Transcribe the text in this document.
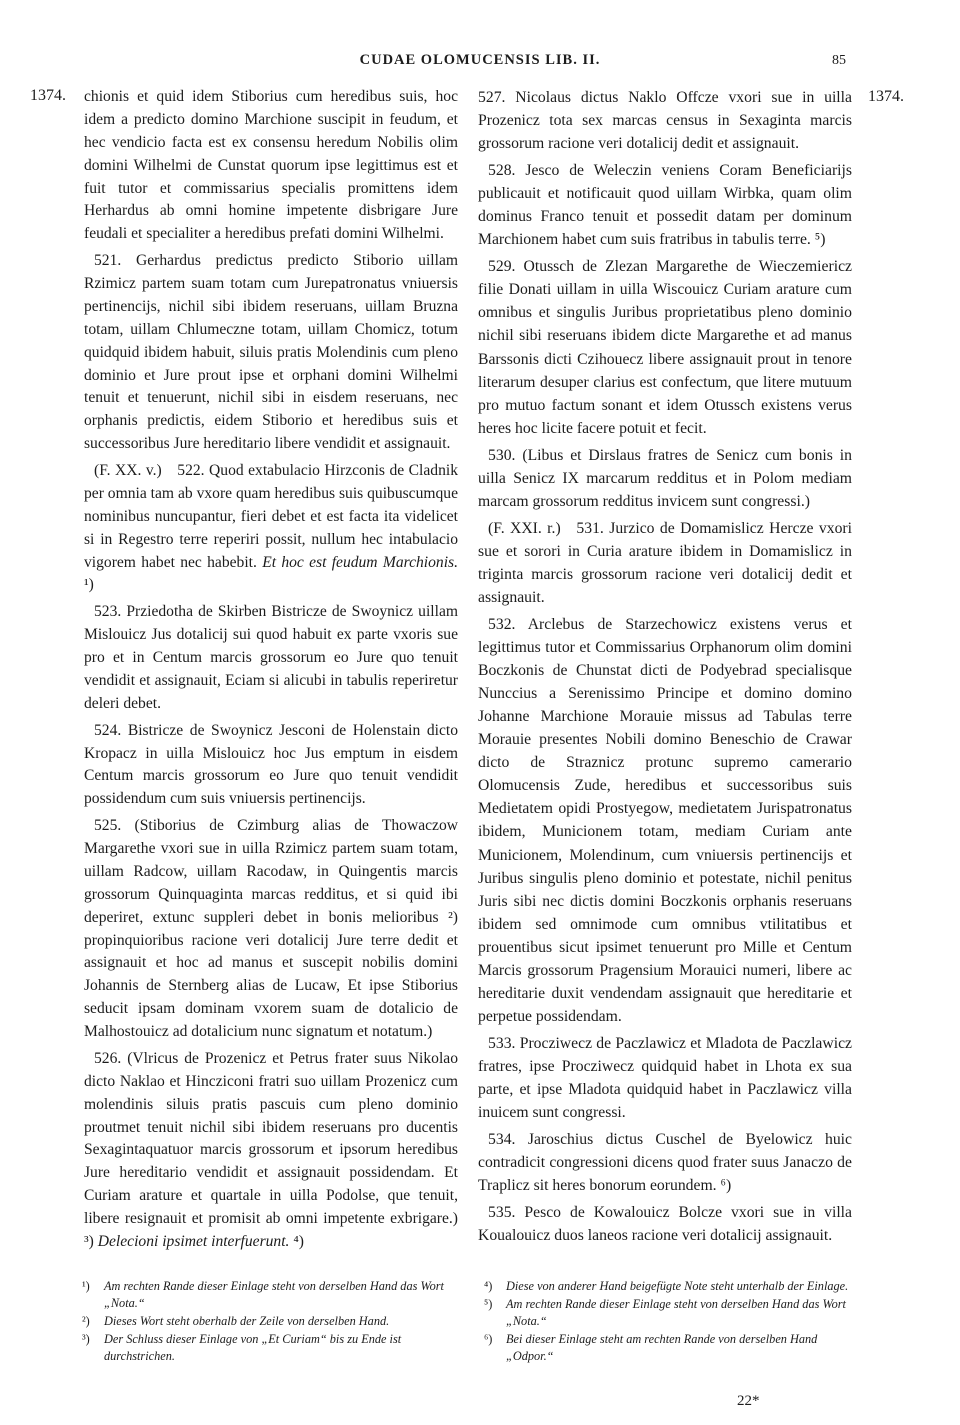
CUDAE OLOMUCENSIS LIB. II.	85
1374.	1374.

chionis et quid idem Stiborius cum heredibus suis, hoc idem a predicto domino Marchione suscipit in feudum, et hec vendicio facta est ex consensu heredum Nobilis olim domini Wilhelmi de Cunstat quorum ipse legittimus est et fuit tutor et commissarius specialis promittens idem Herhardus ab omni homine impetente disbrigare Jure feudali et specialiter a heredibus prefati domini Wilhelmi.

521. Gerhardus predictus predicto Stiborio uillam Rzimicz partem suam totam cum Jurepatronatus vniuersis pertinencijs, nichil sibi ibidem reseruans, uillam Bruzna totam, uillam Chlumeczne totam, uillam Chomicz, totum quidquid ibidem habuit, siluis pratis Molendinis cum pleno dominio et Jure prout ipse et orphani domini Wilhelmi tenuit et tenuerunt, nichil sibi in eisdem reseruans, nec orphanis predictis, eidem Stiborio et heredibus suis et successoribus Jure hereditario libere vendidit et assignauit.

(F. XX. v.)  522. Quod extabulacio Hirzconis de Cladnik per omnia tam ab vxore quam heredibus suis quibuscumque nominibus nuncupantur, fieri debet et est facta ita videlicet si in Regestro terre reperiri possit, nullum hec intabulacio vigorem habet nec habebit. Et hoc est feudum Marchionis. ¹)

523. Prziedotha de Skirben Bistricze de Swoynicz uillam Mislouicz Jus dotalicij sui quod habuit ex parte vxoris sue pro et in Centum marcis grossorum eo Jure quo tenuit vendidit et assignauit, Eciam si alicubi in tabulis reperiretur deleri debet.

524. Bistricze de Swoynicz Jesconi de Holenstain dicto Kropacz in uilla Mislouicz hoc Jus emptum in eisdem Centum marcis grossorum eo Jure quo tenuit vendidit possidendum cum suis vniuersis pertinencijs.

525. (Stiborius de Czimburg alias de Thowaczow Margarethe vxori sue in uilla Rzimicz partem suam totam, uillam Radcow, uillam Racodaw, in Quingentis marcis grossorum Quinquaginta marcas redditus, et si quid ibi deperiret, extunc suppleri debet in bonis melioribus ²) propinquioribus racione veri dotalicij Jure terre dedit et assignauit et hoc ad manus et suscepit nobilis domini Johannis de Sternberg alias de Lucaw, Et ipse Stiborius seducit ipsam dominam vxorem suam de dotalicio de Malhostouicz ad dotalicium nunc signatum et notatum.)

526. (Vlricus de Prozenicz et Petrus frater suus Nikolao dicto Naklao et Hincziconi fratri suo uillam Prozenicz cum molendinis siluis pratis pascuis cum pleno dominio proutmet tenuit nichil sibi ibidem reseruans pro ducentis Sexagintaquatuor marcis grossorum et ipsorum heredibus Jure hereditario vendidit et assignauit possidendam. Et Curiam arature et quartale in uilla Podolse, que tenuit, libere resignauit et promisit ab omni impetente exbrigare.) ³) Delecioni ipsimet interfuerunt. ⁴)

527. Nicolaus dictus Naklo Offcze vxori sue in uilla Prozenicz tota sex marcas census in Sexaginta marcis grossorum racione veri dotalicij dedit et assignauit.

528. Jesco de Weleczin veniens Coram Beneficiarijs publicauit et notificauit quod uillam Wirbka, quam olim dominus Franco tenuit et possedit datam per dominum Marchionem habet cum suis fratribus in tabulis terre. ⁵)

529. Otussch de Zlezan Margarethe de Wieczemiericz filie Donati uillam in uilla Wiscouicz Curiam arature cum omnibus et singulis Juribus proprietatibus pleno dominio nichil sibi reseruans ibidem dicte Margarethe et ad manus Barssonis dicti Czihouecz libere assignauit prout in tenore literarum desuper clarius est confectum, que litere mutuum pro mutuo factum sonant et idem Otussch existens verus heres hoc licite facere potuit et fecit.

530. (Libus et Dirslaus fratres de Senicz cum bonis in uilla Senicz IX marcarum redditus et in Polom mediam marcam grossorum redditus invicem sunt congressi.)

(F. XXI. r.)  531. Jurzico de Domamislicz Hercze vxori sue et sorori in Curia arature ibidem in Domamislicz in triginta marcis grossorum racione veri dotalicij dedit et assignauit.

532. Arclebus de Starzechowicz existens verus et legittimus tutor et Commissarius Orphanorum olim domini Boczkonis de Chunstat dicti de Podyebrad specialisque Nunccius a Serenissimo Principe et domino domino Johanne Marchione Morauie missus ad Tabulas terre Morauie presentes Nobili domino Beneschio de Crawar dicto de Straznicz protunc supremo camerario Olomucensis Zude, heredibus et successoribus suis Medietatem opidi Prostyegow, medietatem Jurispatronatus ibidem, Municionem totam, mediam Curiam ante Municionem, Molendinum, cum vniuersis pertinencijs et Juribus singulis pleno dominio et potestate, nichil penitus Juris sibi nec dictis domini Boczkonis orphanis reseruans ibidem sed omnimode cum omnibus vtilitatibus et prouentibus sicut ipsimet tenuerunt pro Mille et Centum Marcis grossorum Pragensium Morauici numeri, libere ac hereditarie duxit vendendam assignauit que hereditarie et perpetue possidendam.

533. Procziwecz de Paczlawicz et Mladota de Paczlawicz fratres, ipse Procziwecz quidquid habet in Lhota ex sua parte, et ipse Mladota quidquid habet in Paczlawicz villa inuicem sunt congressi.

534. Jaroschius dictus Cuschel de Byelowicz huic contradicit congressioni dicens quod frater suus Janaczo de Traplicz sit heres bonorum eorundem. ⁶)

535. Pesco de Kowalouicz Bolcze vxori sue in villa Koualouicz duos laneos racione veri dotalicij assignauit.

¹) Am rechten Rande dieser Einlage steht von derselben Hand das Wort „Nota.“
²) Dieses Wort steht oberhalb der Zeile von derselben Hand.
³) Der Schluss dieser Einlage von „Et Curiam“ bis zu Ende ist durchstrichen.
⁴) Diese von anderer Hand beigefügte Note steht unterhalb der Einlage.
⁵) Am rechten Rande dieser Einlage steht von derselben Hand das Wort „Nota.“
⁶) Bei dieser Einlage steht am rechten Rande von derselben Hand „Odpor.“
22*
